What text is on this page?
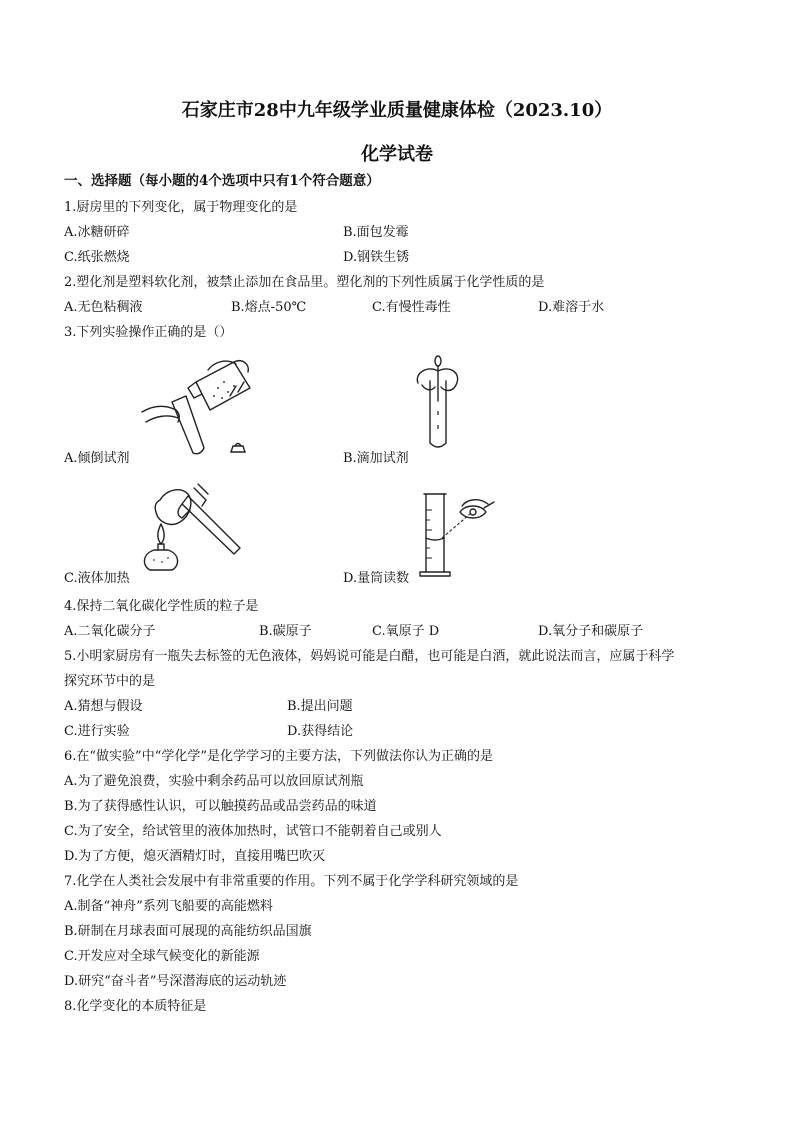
石家庄市28中九年级学业质量健康体检（2023.10）
化学试卷
一、选择题（每小题的4个选项中只有1个符合题意）
1.厨房里的下列变化，属于物理变化的是
A.冰糖研碎	B.面包发霉
C.纸张燃烧	D.钢铁生锈
2.塑化剂是塑料软化剂，被禁止添加在食品里。塑化剂的下列性质属于化学性质的是
A.无色粘稠液	B.熔点-50℃	C.有慢性毒性	D.难溶于水
3.下列实验操作正确的是（）
A.倾倒试剂	B.滴加试剂
C.液体加热	D.量筒读数
4.保持二氧化碳化学性质的粒子是
A.二氧化碳分子	B.碳原子	C.氧原子 D	D.氧分子和碳原子
5.小明家厨房有一瓶失去标签的无色液体，妈妈说可能是白醋，也可能是白酒，就此说法而言，应属于科学
探究环节中的是
A.猜想与假设	B.提出问题
C.进行实验	D.获得结论
6.在“做实验”中“学化学”是化学学习的主要方法，下列做法你认为正确的是
A.为了避免浪费，实验中剩余药品可以放回原试剂瓶
B.为了获得感性认识，可以触摸药品或品尝药品的味道
C.为了安全，给试管里的液体加热时，试管口不能朝着自己或别人
D.为了方便，熄灭酒精灯时，直接用嘴巴吹灭
7.化学在人类社会发展中有非常重要的作用。下列不属于化学学科研究领域的是
A.制备“神舟”系列飞船要的高能燃料
B.研制在月球表面可展现的高能纺织品国旗
C.开发应对全球气候变化的新能源
D.研究“奋斗者”号深潜海底的运动轨迹
8.化学变化的本质特征是
